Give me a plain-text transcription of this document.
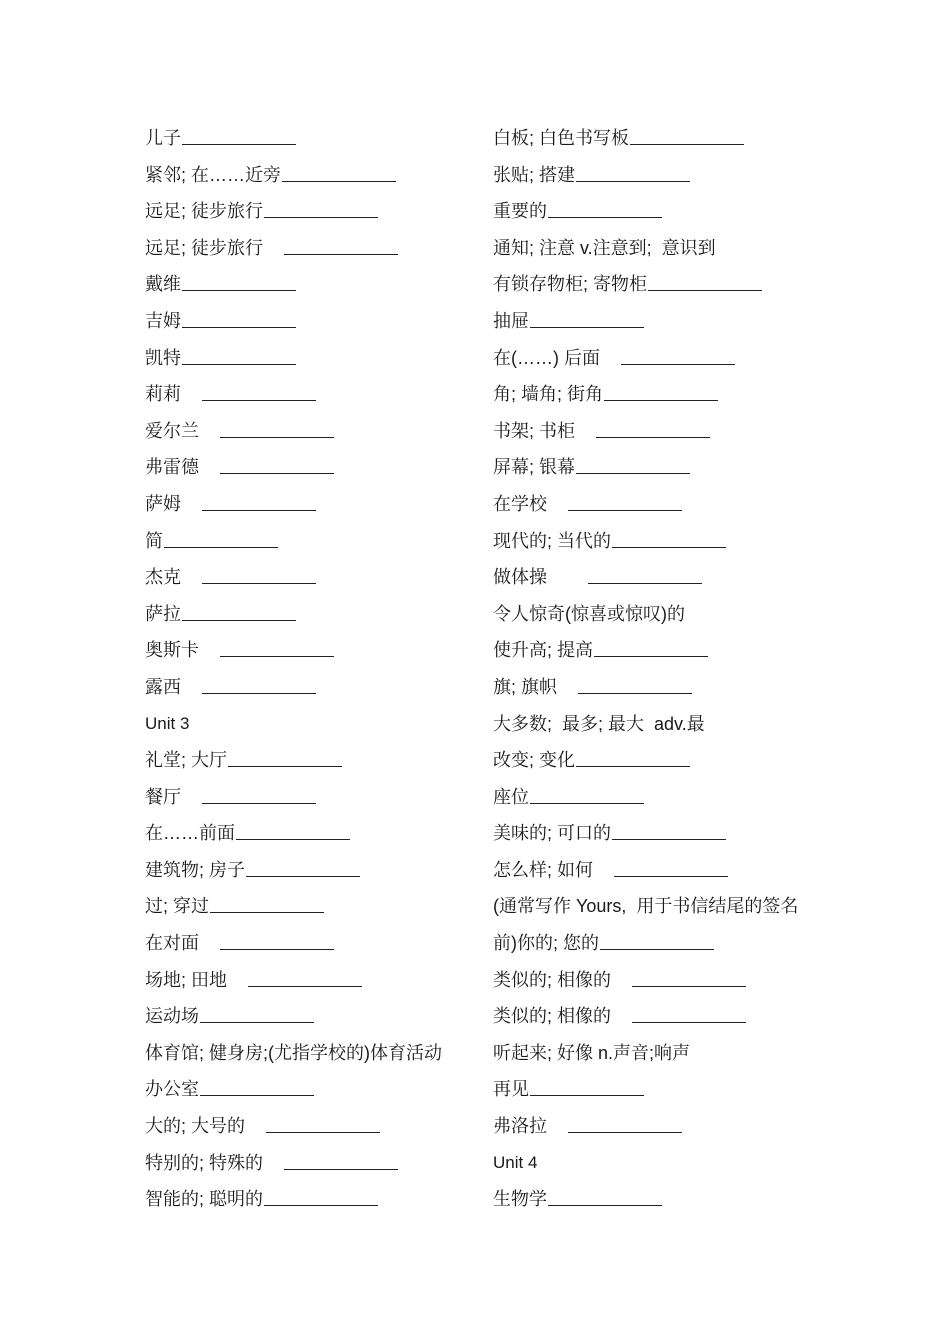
儿子
紧邻; 在……近旁
远足; 徒步旅行
远足; 徒步旅行
戴维
吉姆
凯特
莉莉
爱尔兰
弗雷德
萨姆
简
杰克
萨拉
奥斯卡
露西
Unit 3
礼堂; 大厅
餐厅
在……前面
建筑物; 房子
过; 穿过
在对面
场地; 田地
运动场
体育馆; 健身房;(尤指学校的)体育活动
办公室
大的; 大号的
特别的; 特殊的
智能的; 聪明的
白板; 白色书写板
张贴; 搭建
重要的
通知; 注意 v.注意到;  意识到
有锁存物柜; 寄物柜
抽屉
在(……) 后面
角; 墙角; 街角
书架; 书柜
屏幕; 银幕
在学校
现代的; 当代的
做体操
令人惊奇(惊喜或惊叹)的
使升高; 提高
旗; 旗帜
大多数;  最多; 最大  adv.最
改变; 变化
座位
美味的; 可口的
怎么样; 如何
(通常写作 Yours,  用于书信结尾的签名
前)你的; 您的
类似的; 相像的
类似的; 相像的
听起来; 好像 n.声音;响声
再见
弗洛拉
Unit 4
生物学
